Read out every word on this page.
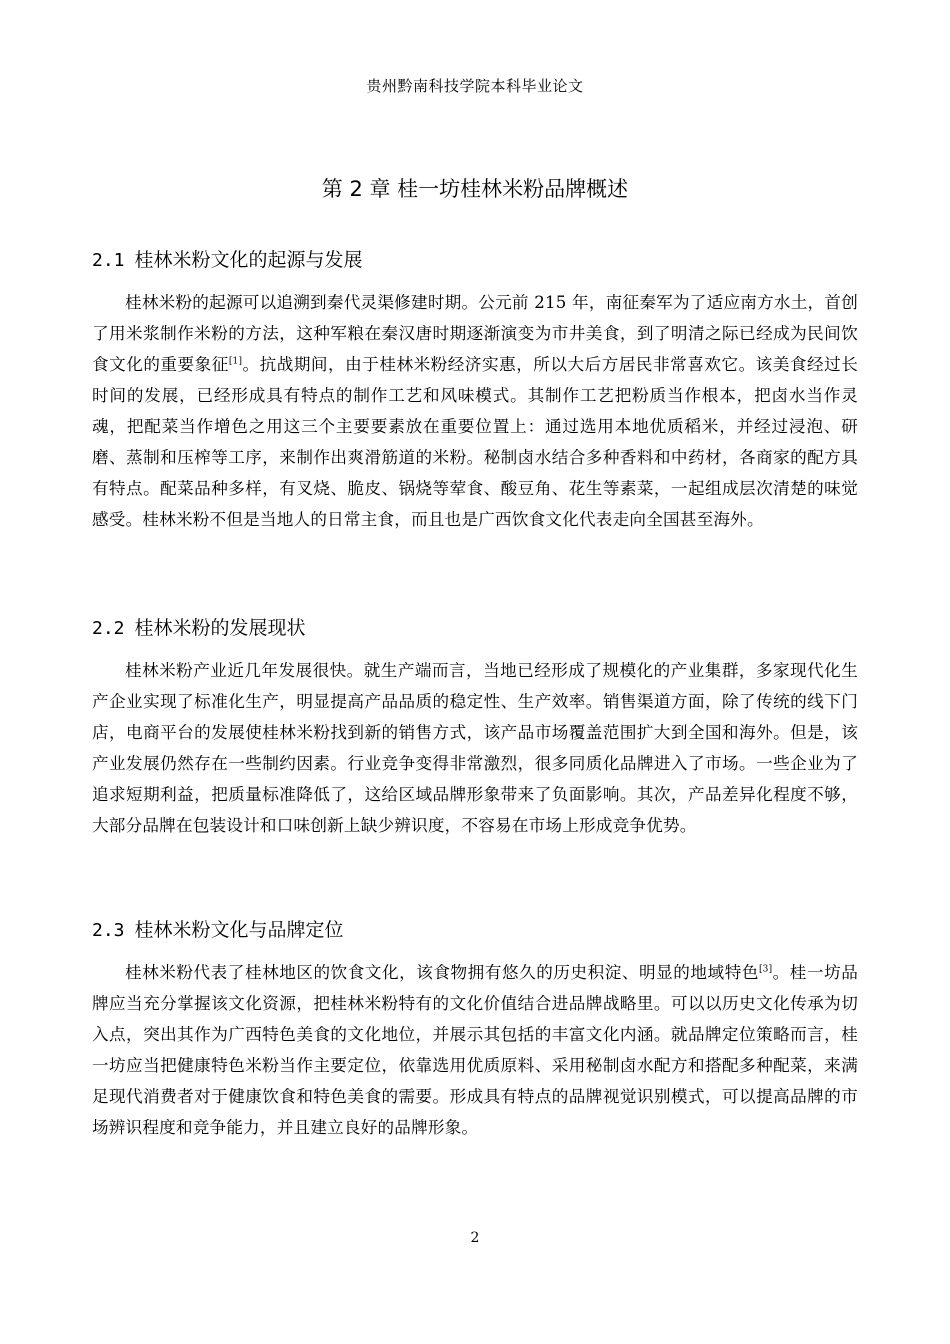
贵州黔南科技学院本科毕业论文
第 2 章 桂一坊桂林米粉品牌概述
2.1 桂林米粉文化的起源与发展

桂林米粉的起源可以追溯到秦代灵渠修建时期。公元前 215 年，南征秦军为了适应南方水土，首创了用米浆制作米粉的方法，这种军粮在秦汉唐时期逐渐演变为市井美食，到了明清之际已经成为民间饮食文化的重要象征[1]。抗战期间，由于桂林米粉经济实惠，所以大后方居民非常喜欢它。该美食经过长时间的发展，已经形成具有特点的制作工艺和风味模式。其制作工艺把粉质当作根本，把卤水当作灵魂，把配菜当作增色之用这三个主要要素放在重要位置上：通过选用本地优质稻米，并经过浸泡、研磨、蒸制和压榨等工序，来制作出爽滑筋道的米粉。秘制卤水结合多种香料和中药材，各商家的配方具有特点。配菜品种多样，有叉烧、脆皮、锅烧等荤食、酸豆角、花生等素菜，一起组成层次清楚的味觉感受。桂林米粉不但是当地人的日常主食，而且也是广西饮食文化代表走向全国甚至海外。

2.2 桂林米粉的发展现状

桂林米粉产业近几年发展很快。就生产端而言，当地已经形成了规模化的产业集群，多家现代化生产企业实现了标准化生产，明显提高产品品质的稳定性、生产效率。销售渠道方面，除了传统的线下门店，电商平台的发展使桂林米粉找到新的销售方式，该产品市场覆盖范围扩大到全国和海外。但是，该产业发展仍然存在一些制约因素。行业竞争变得非常激烈，很多同质化品牌进入了市场。一些企业为了追求短期利益，把质量标准降低了，这给区域品牌形象带来了负面影响。其次，产品差异化程度不够，大部分品牌在包装设计和口味创新上缺少辨识度，不容易在市场上形成竞争优势。

2.3 桂林米粉文化与品牌定位

桂林米粉代表了桂林地区的饮食文化，该食物拥有悠久的历史积淀、明显的地域特色[3]。桂一坊品牌应当充分掌握该文化资源，把桂林米粉特有的文化价值结合进品牌战略里。可以以历史文化传承为切入点，突出其作为广西特色美食的文化地位，并展示其包括的丰富文化内涵。就品牌定位策略而言，桂一坊应当把健康特色米粉当作主要定位，依靠选用优质原料、采用秘制卤水配方和搭配多种配菜，来满足现代消费者对于健康饮食和特色美食的需要。形成具有特点的品牌视觉识别模式，可以提高品牌的市场辨识程度和竞争能力，并且建立良好的品牌形象。

2
